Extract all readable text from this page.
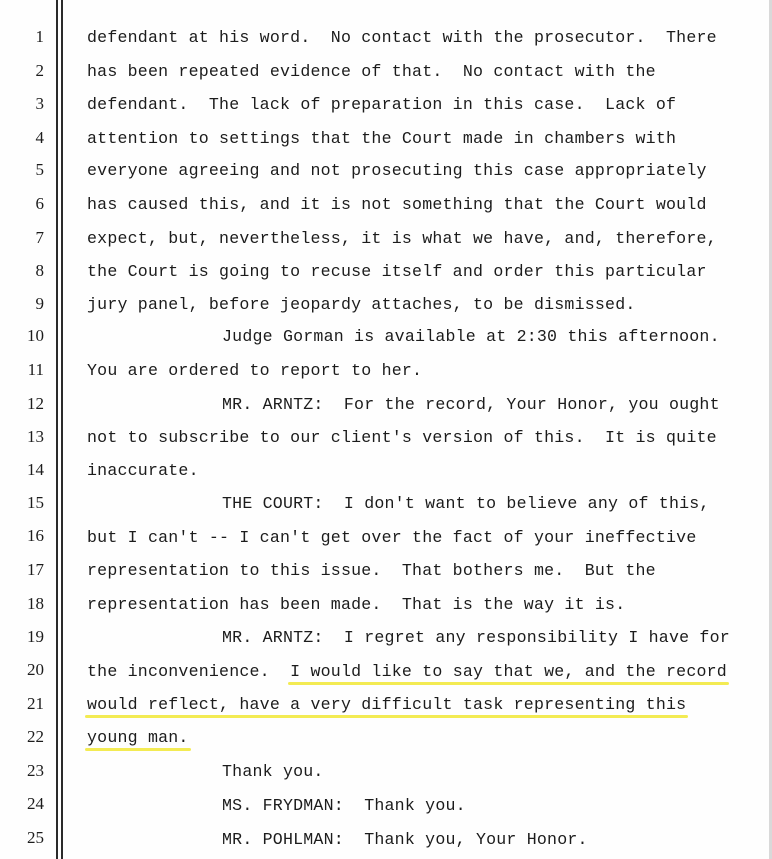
1
2
3
4
5
6
7
8
9
10
11
12
13
14
15
16
17
18
19
20
21
22
23
24
25
defendant at his word.  No contact with the prosecutor.  There
has been repeated evidence of that.  No contact with the
defendant.  The lack of preparation in this case.  Lack of
attention to settings that the Court made in chambers with
everyone agreeing and not prosecuting this case appropriately
has caused this, and it is not something that the Court would
expect, but, nevertheless, it is what we have, and, therefore,
the Court is going to recuse itself and order this particular
jury panel, before jeopardy attaches, to be dismissed.
Judge Gorman is available at 2:30 this afternoon.
You are ordered to report to her.
MR. ARNTZ:  For the record, Your Honor, you ought
not to subscribe to our client's version of this.  It is quite
inaccurate.
THE COURT:  I don't want to believe any of this,
but I can't -- I can't get over the fact of your ineffective
representation to this issue.  That bothers me.  But the
representation has been made.  That is the way it is.
MR. ARNTZ:  I regret any responsibility I have for
the inconvenience.  I would like to say that we, and the record
would reflect, have a very difficult task representing this
young man.
Thank you.
MS. FRYDMAN:  Thank you.
MR. POHLMAN:  Thank you, Your Honor.
